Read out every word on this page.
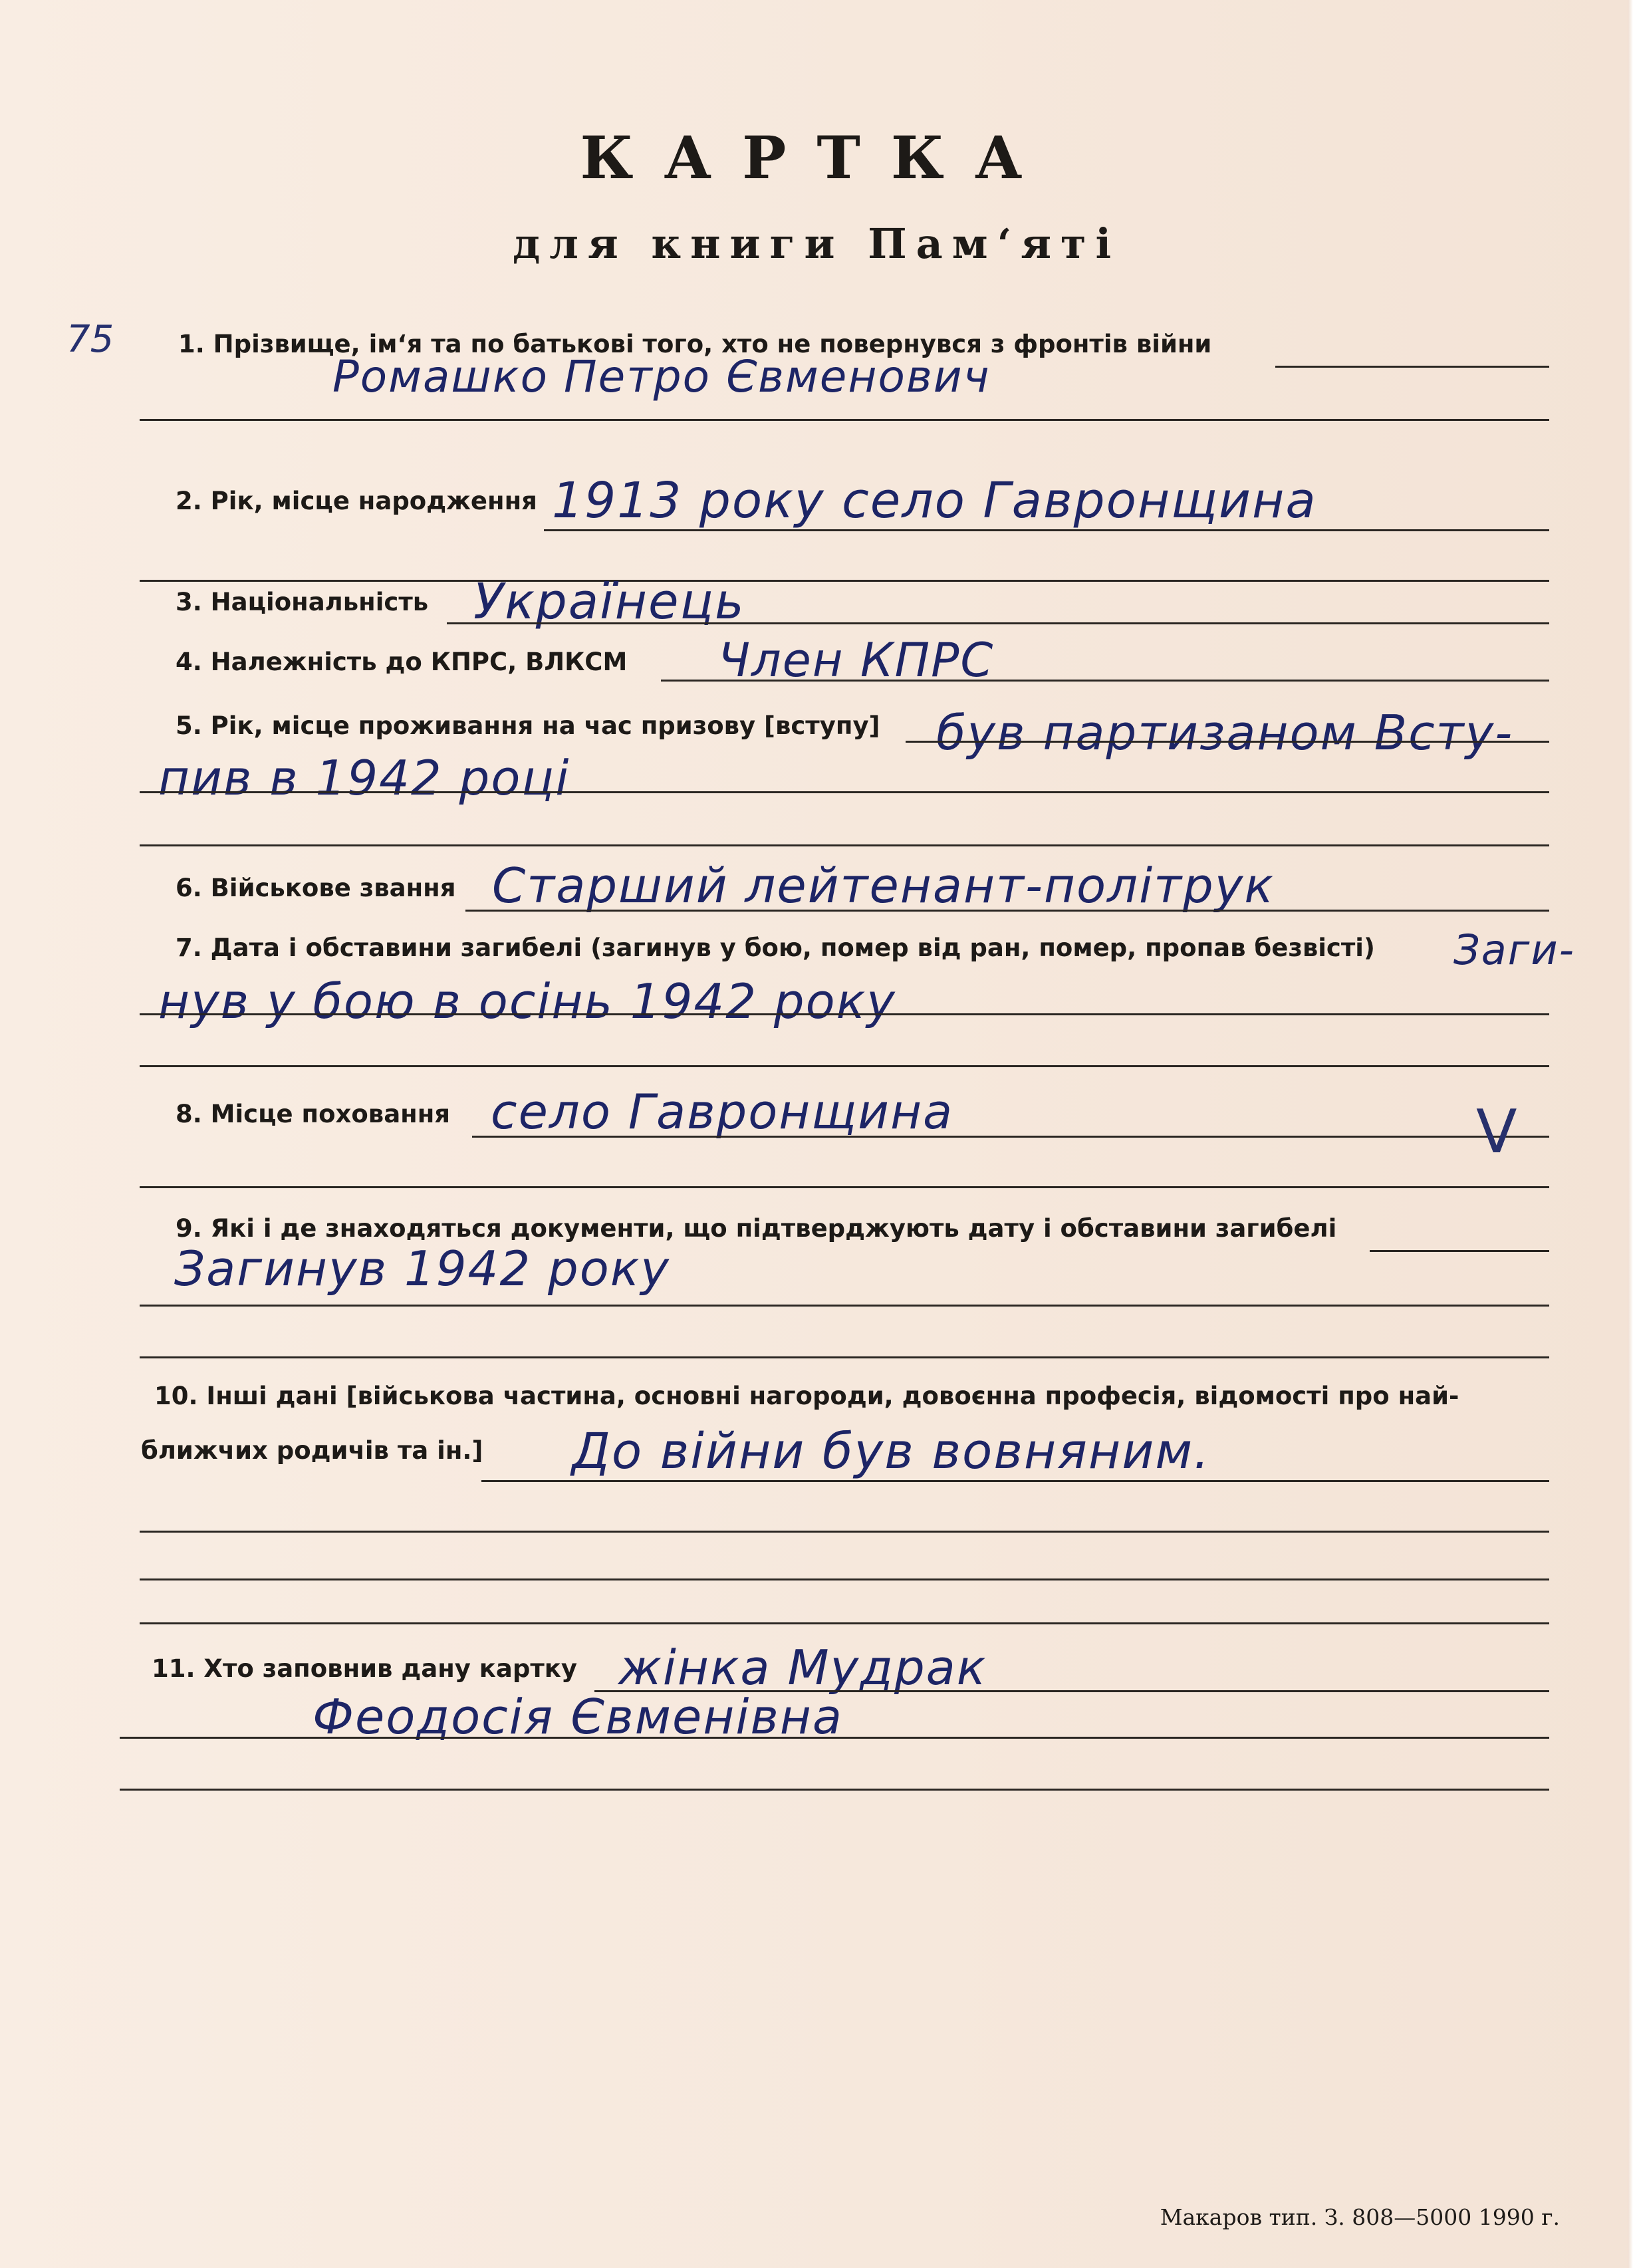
КАРТКА
для книги Пам‘яті
75	1. Прізвище, ім‘я та по батькові того, хто не повернувся з фронтів війни
Ромашко Петро Євменович
2. Рік, місце народження 1913 року село Гавронщина
3. Національність Українець
4. Належність до КПРС, ВЛКСМ Член КПРС
5. Рік, місце проживання на час призову [вступу] був партизаном Всту-
пив в 1942 році
6. Військове звання Старший лейтенант-політрук
7. Дата і обставини загибелі (загинув у бою, помер від ран, помер, пропав безвісті) Заги-
нув у бою в осінь 1942 року
8. Місце поховання село Гавронщина	V
9. Які і де знаходяться документи, що підтверджують дату і обставини загибелі
Загинув 1942 року
10. Інші дані [військова частина, основні нагороди, довоєнна професія, відомості про най-
ближчих родичів та ін.] До війни був вовняним.
11. Хто заповнив дану картку жінка Мудрак
Феодосія Євменівна
Макаров тип. З. 808—5000 1990 г.
